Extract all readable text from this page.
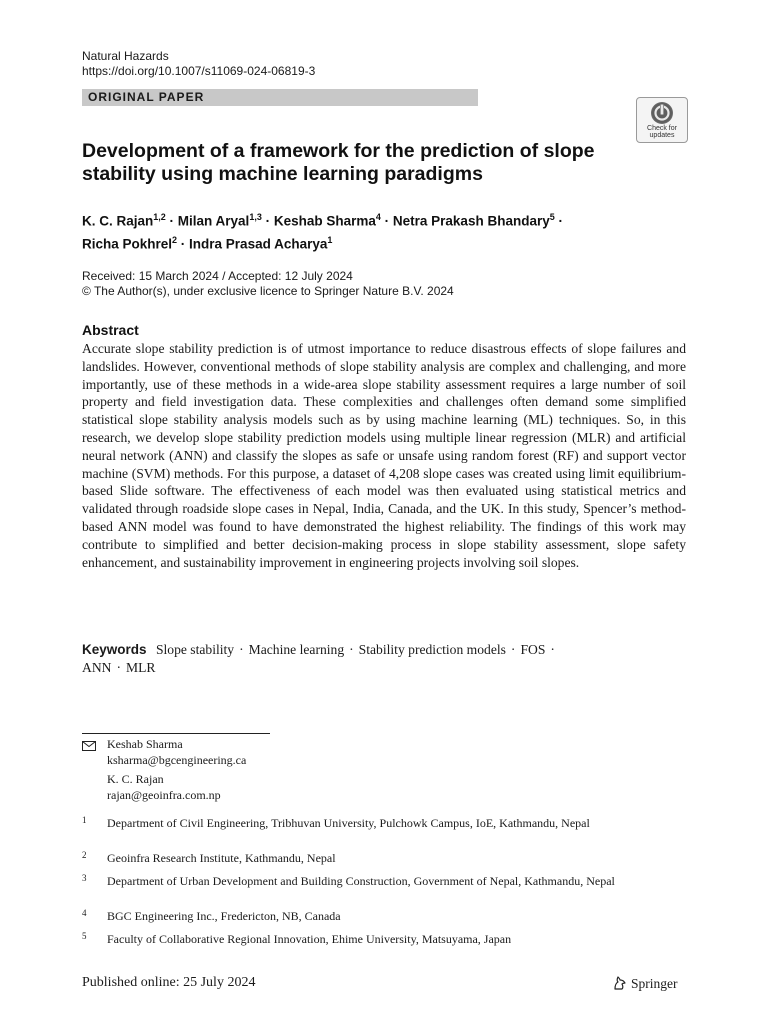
Natural Hazards
https://doi.org/10.1007/s11069-024-06819-3
ORIGINAL PAPER
Check for
updates
Development of a framework for the prediction of slope stability using machine learning paradigms
K. C. Rajan$^{1,2}$ · Milan Aryal$^{1,3}$ · Keshab Sharma$^4$ · Netra Prakash Bhandary$^5$ ·
Richa Pokhrel$^2$ · Indra Prasad Acharya$^1$
Received: 15 March 2024 / Accepted: 12 July 2024
© The Author(s), under exclusive licence to Springer Nature B.V. 2024
Abstract
Accurate slope stability prediction is of utmost importance to reduce disastrous effects of slope failures and landslides. However, conventional methods of slope stability analysis are complex and challenging, and more importantly, use of these methods in a wide-area slope stability assessment requires a large number of soil property and field investigation data. These complexities and challenges often demand some simplified statistical slope stability analysis models such as by using machine learning (ML) techniques. So, in this research, we develop slope stability prediction models using multiple linear regression (MLR) and artificial neural network (ANN) and classify the slopes as safe or unsafe using random forest (RF) and support vector machine (SVM) methods. For this purpose, a dataset of 4,208 slope cases was created using limit equilibrium-based Slide software. The effectiveness of each model was then evaluated using statistical metrics and validated through roadside slope cases in Nepal, India, Canada, and the UK. In this study, Spencer’s method-based ANN model was found to have demonstrated the highest reliability. The findings of this work may contribute to simplified and better decision-making process in slope stability assessment, slope safety enhancement, and sustainability improvement in engineering projects involving soil slopes.
Keywords Slope stability · Machine learning · Stability prediction models · FOS ·
ANN · MLR
Keshab Sharma
ksharma@bgcengineering.ca
K. C. Rajan
rajan@geoinfra.com.np
1 Department of Civil Engineering, Tribhuvan University, Pulchowk Campus, IoE, Kathmandu, Nepal
2 Geoinfra Research Institute, Kathmandu, Nepal
3 Department of Urban Development and Building Construction, Government of Nepal, Kathmandu, Nepal
4 BGC Engineering Inc., Fredericton, NB, Canada
5 Faculty of Collaborative Regional Innovation, Ehime University, Matsuyama, Japan
Published online: 25 July 2024	Springer
